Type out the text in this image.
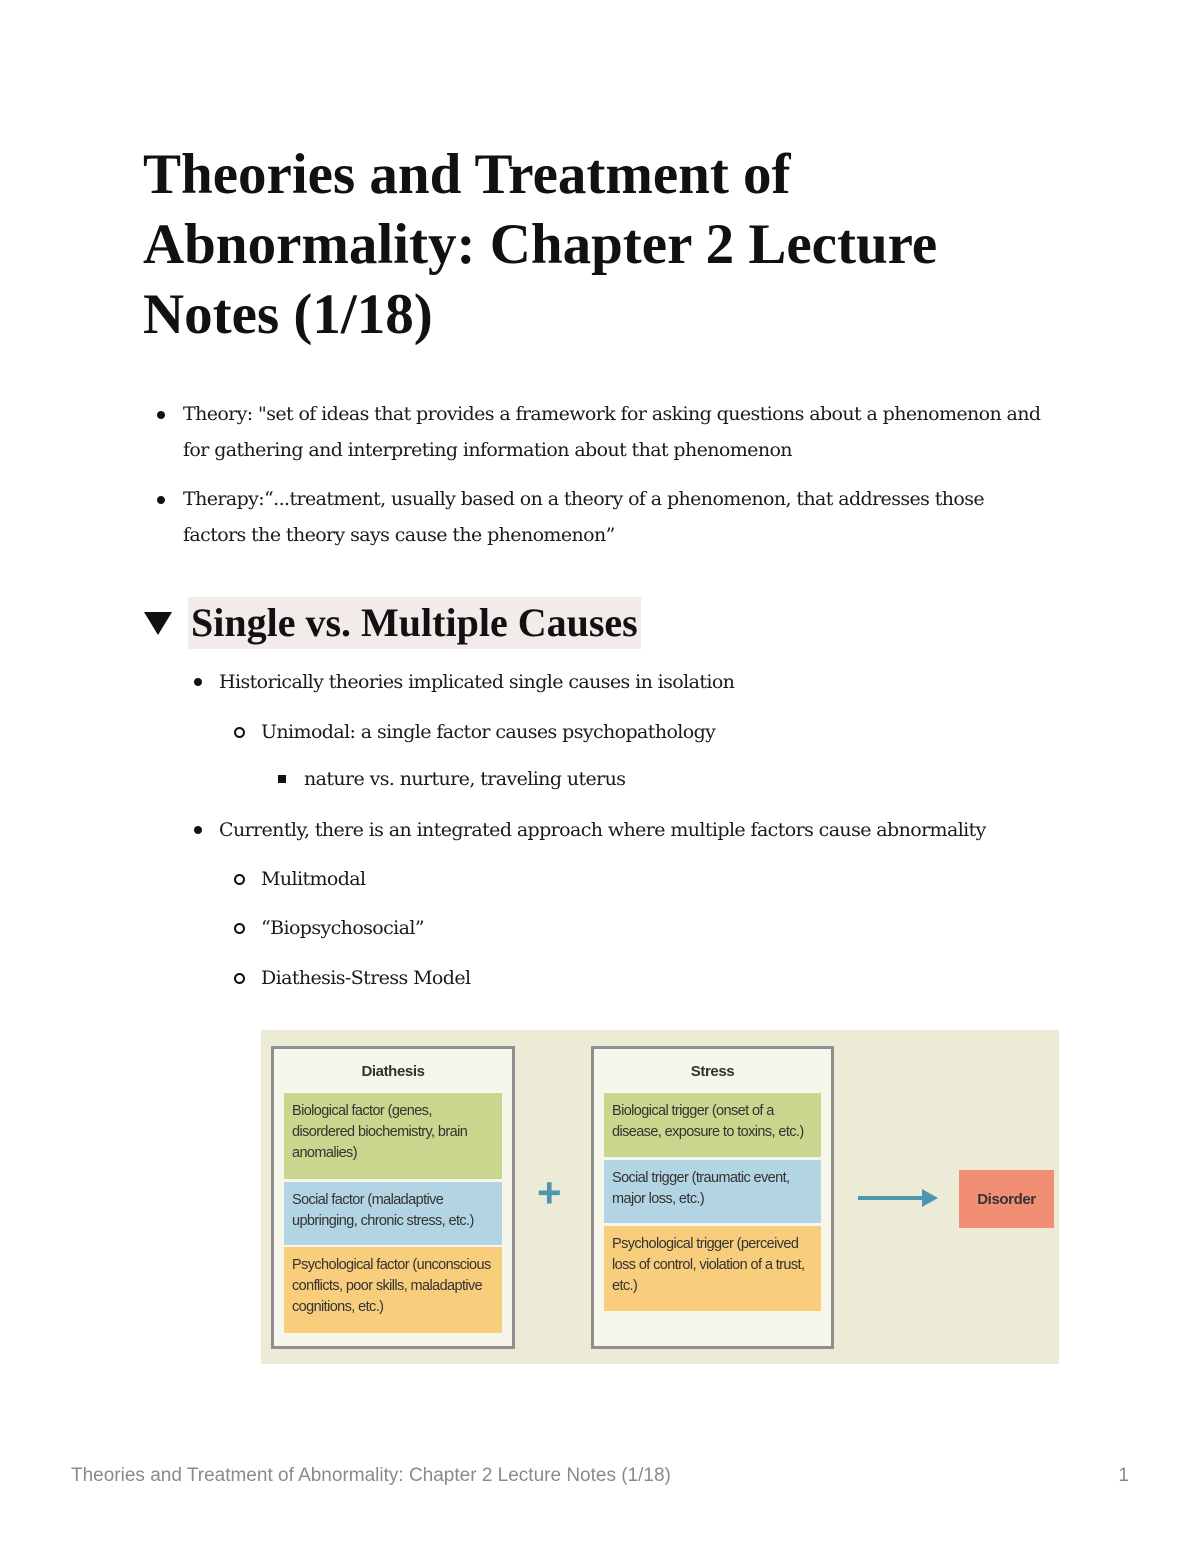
Theories and Treatment of Abnormality: Chapter 2 Lecture Notes (1/18)
Theory: "set of ideas that provides a framework for asking questions about a phenomenon and for gathering and interpreting information about that phenomenon
Therapy:“...treatment, usually based on a theory of a phenomenon, that addresses those factors the theory says cause the phenomenon”
Single vs. Multiple Causes
Historically theories implicated single causes in isolation
Unimodal: a single factor causes psychopathology
nature vs. nurture, traveling uterus
Currently, there is an integrated approach where multiple factors cause abnormality
Mulitmodal
“Biopsychosocial”
Diathesis-Stress Model
Diathesis
Biological factor (genes, disordered biochemistry, brain anomalies)
Social factor (maladaptive upbringing, chronic stress, etc.)
Psychological factor (unconscious conflicts, poor skills, maladaptive cognitions, etc.)
+
Stress
Biological trigger (onset of a disease, exposure to toxins, etc.)
Social trigger (traumatic event, major loss, etc.)
Psychological trigger (perceived loss of control, violation of a trust, etc.)
Disorder
Theories and Treatment of Abnormality: Chapter 2 Lecture Notes (1/18)	1
